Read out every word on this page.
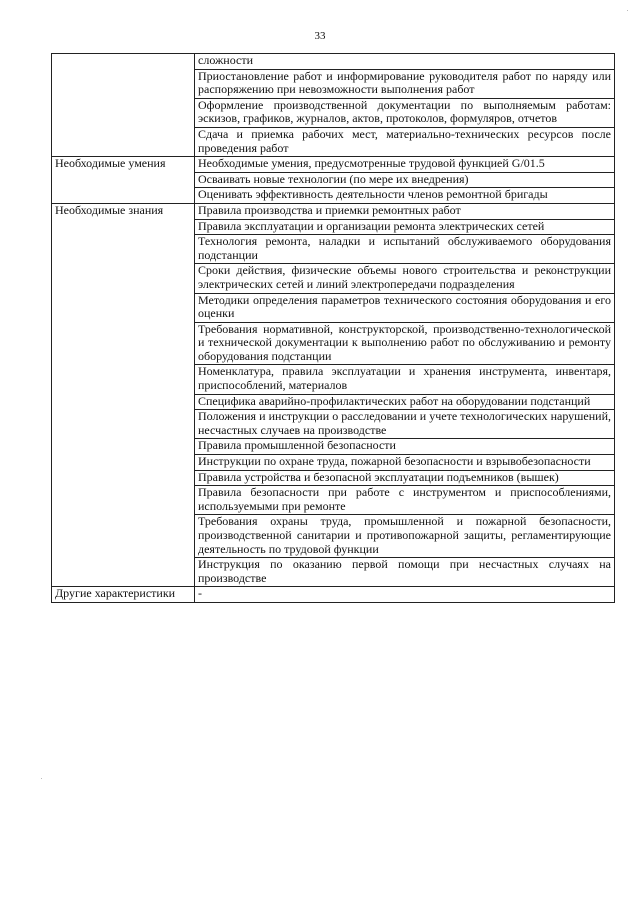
33
	сложности
	Приостановление работ и информирование руководителя работ по наряду или распоряжению при невозможности выполнения работ
	Оформление производственной документации по выполняемым работам: эскизов, графиков, журналов, актов, протоколов, формуляров, отчетов
	Сдача и приемка рабочих мест, материально-технических ресурсов после проведения работ
Необходимые умения	Необходимые умения, предусмотренные трудовой функцией G/01.5
	Осваивать новые технологии (по мере их внедрения)
	Оценивать эффективность деятельности членов ремонтной бригады
Необходимые знания	Правила производства и приемки ремонтных работ
	Правила эксплуатации и организации ремонта электрических сетей
	Технология ремонта, наладки и испытаний обслуживаемого оборудования подстанции
	Сроки действия, физические объемы нового строительства и реконструкции электрических сетей и линий электропередачи подразделения
	Методики определения параметров технического состояния оборудования и его оценки
	Требования нормативной, конструкторской, производственно-технологической и технической документации к выполнению работ по обслуживанию и ремонту оборудования подстанции
	Номенклатура, правила эксплуатации и хранения инструмента, инвентаря, приспособлений, материалов
	Специфика аварийно-профилактических работ на оборудовании подстанций
	Положения и инструкции о расследовании и учете технологических нарушений, несчастных случаев на производстве
	Правила промышленной безопасности
	Инструкции по охране труда, пожарной безопасности и взрывобезопасности
	Правила устройства и безопасной эксплуатации подъемников (вышек)
	Правила безопасности при работе с инструментом и приспособлениями, используемыми при ремонте
	Требования охраны труда, промышленной и пожарной безопасности, производственной санитарии и противопожарной защиты, регламентирующие деятельность по трудовой функции
	Инструкция по оказанию первой помощи при несчастных случаях на производстве
Другие характеристики	-
